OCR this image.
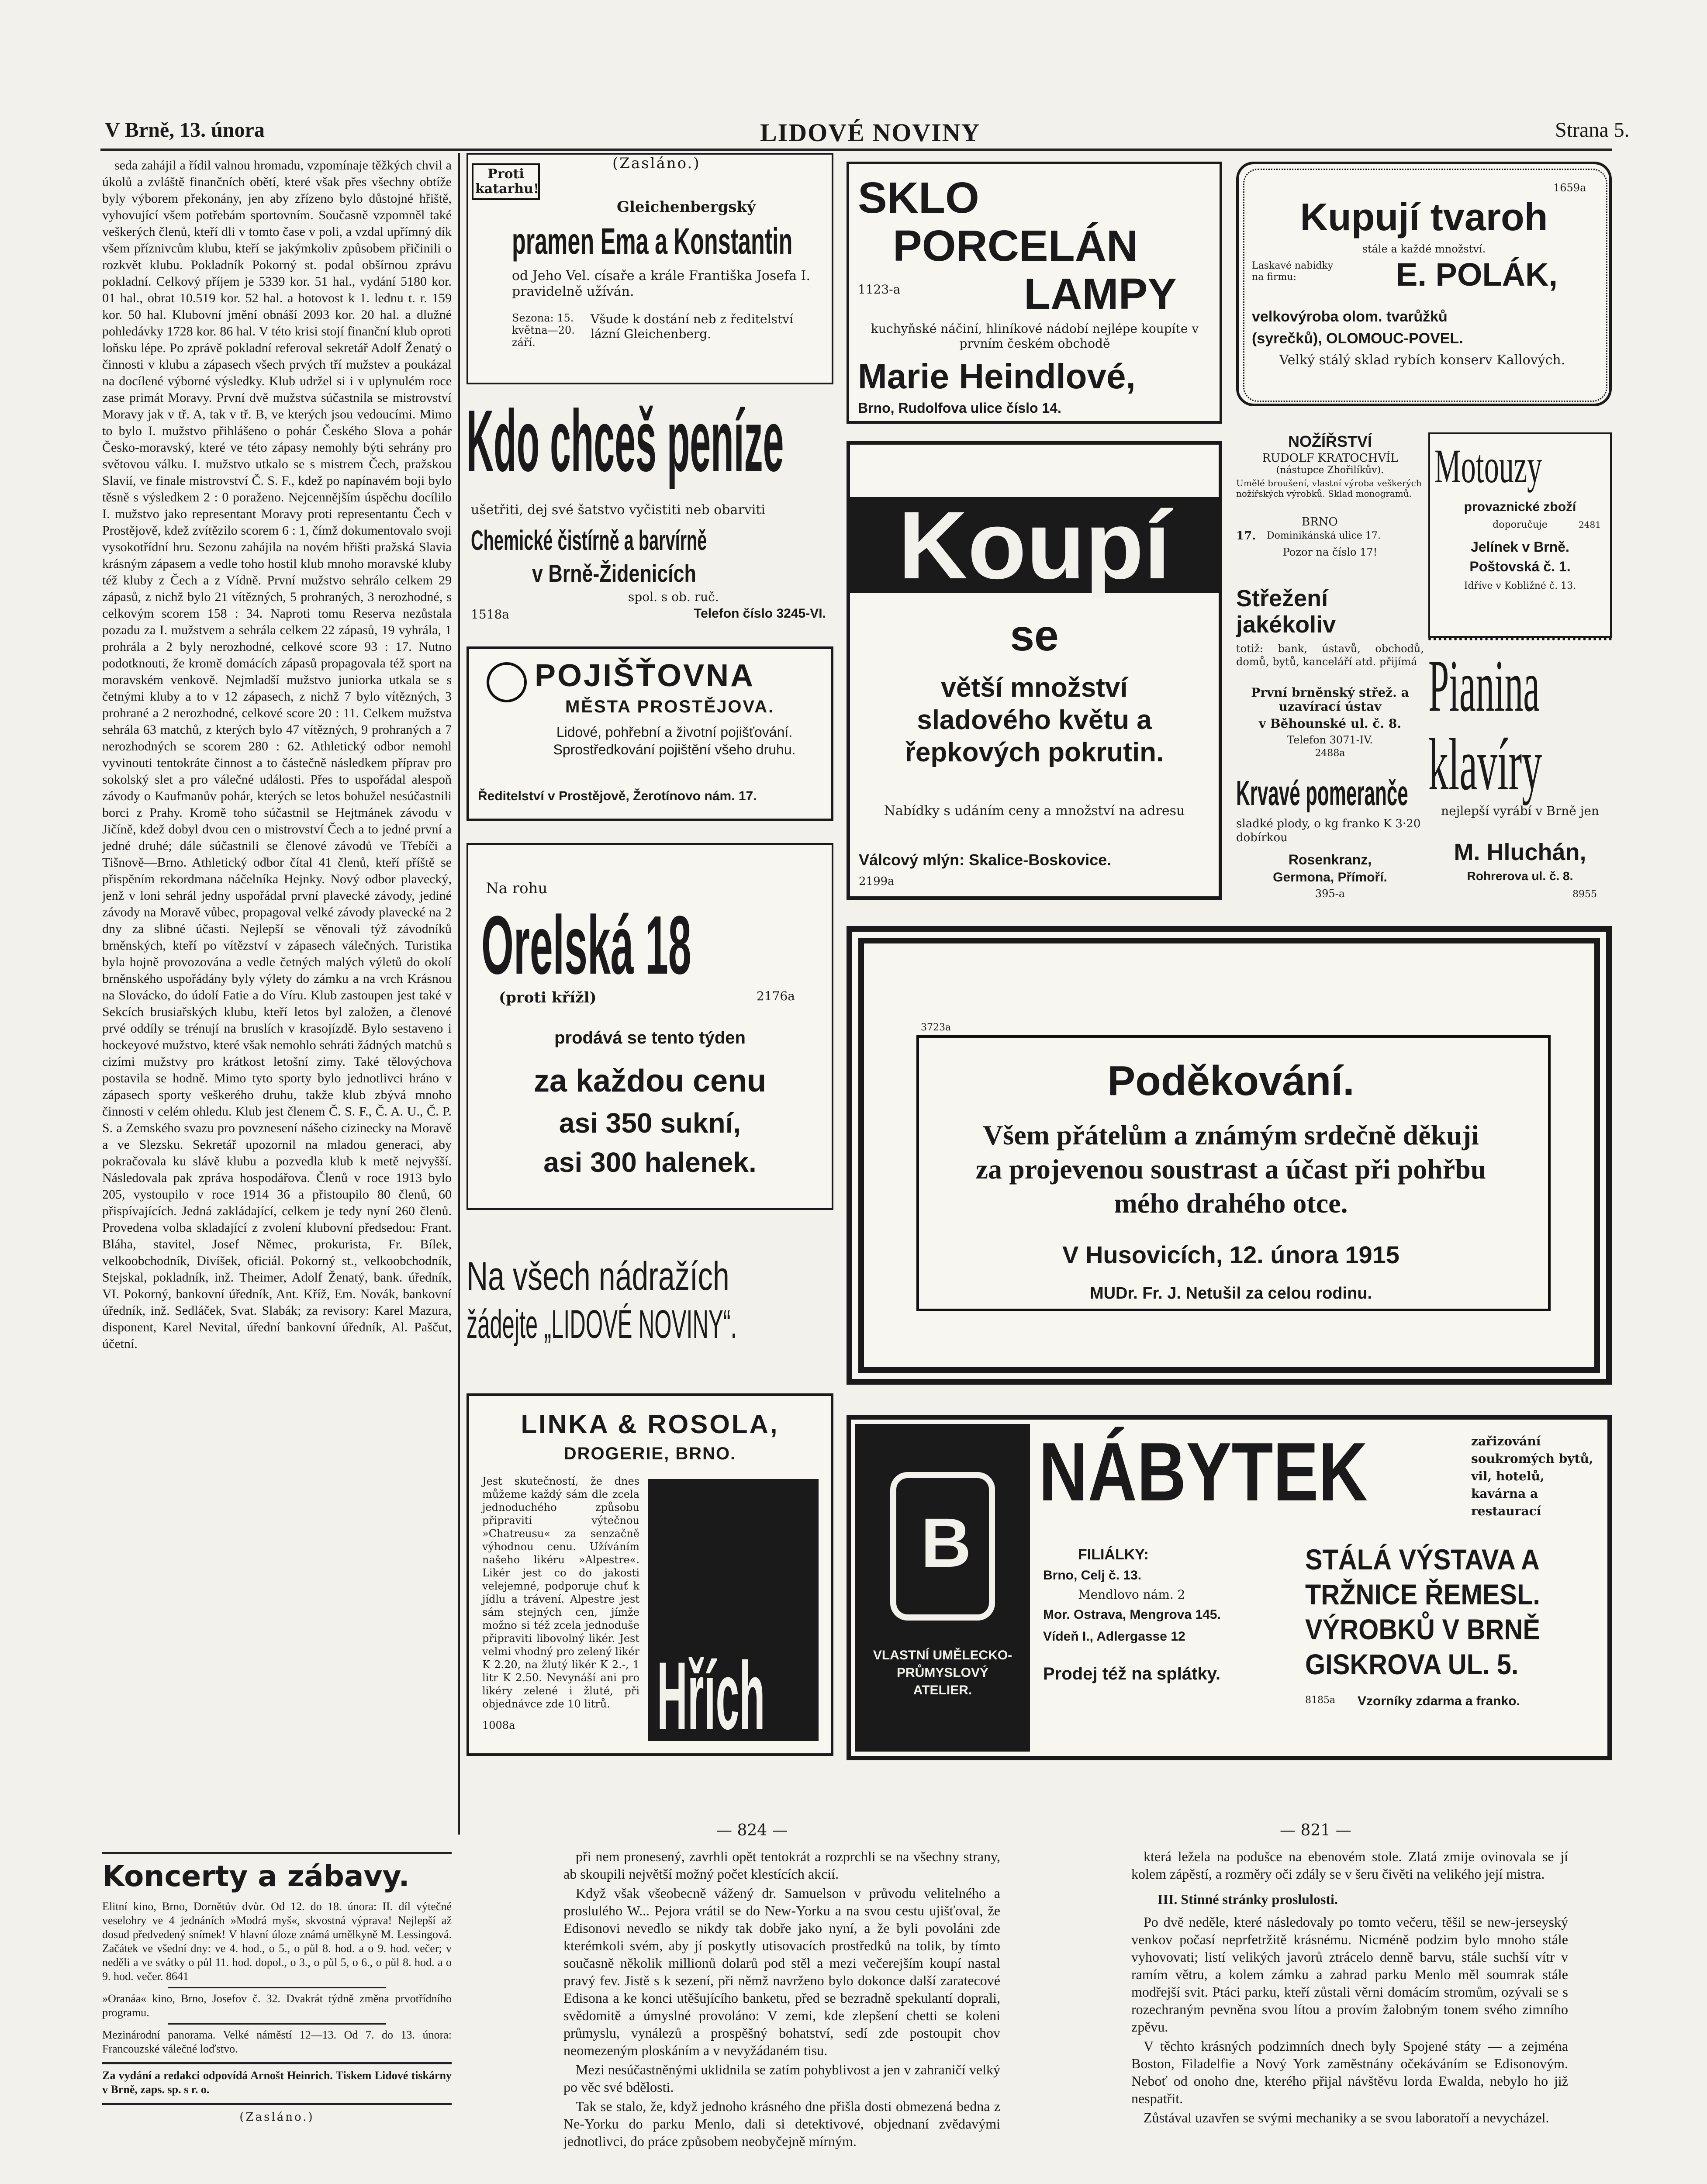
V Brně, 13. února	LIDOVÉ NOVINY	Strana 5.

seda zahájil a řídil valnou hromadu, vzpomínaje těžkých chvil a úkolů a zvláště finančních obětí, které však přes všechny obtíže byly výborem překonány, jen aby zřízeno bylo důstojné hřiště, vyhovující všem potřebám sportovním. Současně vzpomněl také veškerých členů, kteří dli v tomto čase v poli, a vzdal upřímný dík všem příznivcům klubu, kteří se jakýmkoliv způsobem přičinili o rozkvět klubu. Pokladník Pokorný st. podal obšírnou zprávu pokladní. Celkový příjem je 5339 kor. 51 hal., vydání 5180 kor. 01 hal., obrat 10.519 kor. 52 hal. a hotovost k 1. lednu t. r. 159 kor. 50 hal. Klubovní jmění obnáší 2093 kor. 20 hal. a dlužné pohledávky 1728 kor. 86 hal. V této krisi stojí finanční klub oproti loňsku lépe. Po zprávě pokladní referoval sekretář Adolf Ženatý o činnosti v klubu a zápasech všech prvých tří mužstev a poukázal na docílené výborné výsledky. Klub udržel si i v uplynulém roce zase primát Moravy. První dvě mužstva súčastnila se mistrovství Moravy jak v tř. A, tak v tř. B, ve kterých jsou vedoucími. Mimo to bylo I. mužstvo přihlášeno o pohár Českého Slova a pohár Česko-moravský, které ve této zápasy nemohly býti sehrány pro světovou válku. I. mužstvo utkalo se s mistrem Čech, pražskou Slavií, ve finale mistrovství Č. S. F., kdež po napínavém boji bylo těsně s výsledkem 2 : 0 poraženo. Nejcennějším úspěchu docílilo I. mužstvo jako representant Moravy proti representantu Čech v Prostějově, kdež zvítězilo scorem 6 : 1, čímž dokumentovalo svoji vysokotřídní hru. Sezonu zahájila na novém hřišti pražská Slavia krásným zápasem a vedle toho hostil klub mnoho moravské kluby též kluby z Čech a z Vídně. První mužstvo sehrálo celkem 29 zápasů, z nichž bylo 21 vítězných, 5 prohraných, 3 nerozhodné, s celkovým scorem 158 : 34. Naproti tomu Reserva nezůstala pozadu za I. mužstvem a sehrála celkem 22 zápasů, 19 vyhrála, 1 prohrála a 2 byly nerozhodné, celkové score 93 : 17. Nutno podotknouti, že kromě domácích zápasů propagovala též sport na moravském venkově. Nejmladší mužstvo juniorka utkala se s četnými kluby a to v 12 zápasech, z nichž 7 bylo vítězných, 3 prohrané a 2 nerozhodné, celkové score 20 : 11. Celkem mužstva sehrála 63 matchů, z kterých bylo 47 vítězných, 9 prohraných a 7 nerozhodných se scorem 280 : 62. Athletický odbor nemohl vyvinouti tentokráte činnost a to částečně následkem příprav pro sokolský slet a pro válečné události. Přes to uspořádal alespoň závody o Kaufmanův pohár, kterých se letos bohužel nesúčastnili borci z Prahy. Kromě toho súčastnil se Hejtmánek závodu v Jičíně, kdež dobyl dvou cen o mistrovství Čech a to jedné první a jedné druhé; dále súčastnili se členové závodů ve Třebíči a Tišnově—Brno. Athletický odbor čítal 41 členů, kteří příště se přispěním rekordmana náčelníka Hejnky. Nový odbor plavecký, jenž v loni sehrál jedny uspořádal první plavecké závody, jediné závody na Moravě vůbec, propagoval velké závody plavecké na 2 dny za slibné účasti. Nejlepší se věnovali týž závodníků brněnských, kteří po vítězství v zápasech válečných. Turistika byla hojně provozována a vedle četných malých výletů do okolí brněnského uspořádány byly výlety do zámku a na vrch Krásnou na Slovácko, do údolí Fatie a do Víru. Klub zastoupen jest také v Sekcích brusiařských klubu, kteří letos byl založen, a členové prvé oddíly se trénují na bruslích v krasojízdě. Bylo sestaveno i hockeyové mužstvo, které však nemohlo sehráti žádných matchů s cizími mužstvy pro krátkost letošní zimy. Také tělovýchova postavila se hodně. Mimo tyto sporty bylo jednotlivci hráno v zápasech sporty veškerého druhu, takže klub zbývá mnoho činnosti v celém ohledu. Klub jest členem Č. S. F., Č. A. U., Č. P. S. a Zemského svazu pro povznesení nášeho cizinecky na Moravě a ve Slezsku. Sekretář upozornil na mladou generaci, aby pokračovala ku slávě klubu a pozvedla klub k metě nejvyšší. Následovala pak zpráva hospodářova. Členů v roce 1913 bylo 205, vystoupilo v roce 1914 36 a přistoupilo 80 členů, 60 přispívajících. Jedná zakládající, celkem je tedy nyní 260 členů. Provedena volba skladající z zvolení klubovní předsedou: Frant. Bláha, stavitel, Josef Němec, prokurista, Fr. Bílek, velkoobchodník, Divíšek, oficiál. Pokorný st., velkoobchodník, Stejskal, pokladník, inž. Theimer, Adolf Ženatý, bank. úředník, VI. Pokorný, bankovní úředník, Ant. Kříž, Em. Novák, bankovní úředník, inž. Sedláček, Svat. Slabák; za revisory: Karel Mazura, disponent, Karel Nevital, úřední bankovní úředník, Al. Paščut, účetní.

Koncerty a zábavy.
Elitní kino, Brno, Dornětův dvůr. Od 12. do 18. února: II. díl výtečné veselohry ve 4 jednáních »Modrá myš«, skvostná výprava! Nejlepší až dosud předvedený snímek! V hlavní úloze známá umělkyně M. Lessingová. Začátek ve všední dny: ve 4. hod., o 5., o půl 8. hod. a o 9. hod. večer; v neděli a ve svátky o půl 11. hod. dopol., o 3., o půl 5, o 6., o půl 8. hod. a o 9. hod. večer. 8641
»Oranáa« kino, Brno, Josefov č. 32. Dvakrát týdně změna prvotřídního programu.
Mezinárodní panorama. Velké náměstí 12—13. Od 7. do 13. února: Francouzské válečné loďstvo.
Za vydání a redakci odpovídá Arnošt Heinrich. Tiskem Lidové tiskárny v Brně, zaps. sp. s r. o.
(Zasláno.)
Proti katarhu!
(Zasláno.)
Gleichenbergský
pramen Ema a Konstantin
od Jeho Vel. císaře a krále Františka Josefa I. pravidelně užíván.
Sezona: 15. května—20. září.
Všude k dostání neb z ředitelství lázní Gleichenberg.
Kdo chceš peníze
ušetřiti, dej své šatstvo vyčistiti neb obarviti
Chemické čistírně a barvírně
v Brně-Židenicích
spol. s ob. ruč.
1518a	Telefon číslo 3245-VI.
POJIŠŤOVNA
MĚSTA PROSTĚJOVA.
Lidové, pohřební a životní pojišťování. Sprostředkování pojištění všeho druhu.
Ředitelství v Prostějově, Žerotínovo nám. 17.
Na rohu
Orelská 18
(proti křížl)	2176a
prodává se tento týden
za každou cenu
asi 350 sukní,
asi 300 halenek.
Na všech nádražích
žádejte „LIDOVÉ NOVINY“.
LINKA & ROSOLA,
DROGERIE, BRNO.
Jest skutečností, že dnes můžeme každý sám dle zcela jednoduchého způsobu připraviti výtečnou »Chatreusu« za senzačně výhodnou cenu. Užíváním našeho likéru »Alpestre«. Likér jest co do jakosti velejemné, podporuje chuť k jídlu a trávení. Alpestre jest sám stejných cen, jímže možno si též zcela jednoduše připraviti libovolný likér. Jest velmi vhodný pro zelený likér K 2.20, na žlutý likér K 2.-, 1 litr K 2.50. Nevynáší ani pro likéry zelené i žluté, při objednávce zde 10 litrů.
1008a Hřích
SKLO
PORCELÁN
1123-a	LAMPY
kuchyňské náčiní, hliníkové nádobí nejlépe koupíte v prvním českém obchodě
Marie Heindlové,
Brno, Rudolfova ulice číslo 14.
Koupí
se
větší množství sladového květu a řepkových pokrutin.
Nabídky s udáním ceny a množství na adresu
Válcový mlýn: Skalice-Boskovice.
2199a
1659a
Kupují tvaroh
stále a každé množství.
Laskavé nabídky na firmu:	E. POLÁK,
velkovýroba olom. tvarůžků
(syrečků), OLOMOUC-POVEL.
Velký stálý sklad rybích konserv Kallových.
NOŽÍŘSTVÍ
RUDOLF KRATOCHVÍL
(nástupce Zhořilíkův).
Umělé broušení, vlastní výroba veškerých nožířských výrobků. Sklad monogramů.
BRNO
17. Dominikánská ulice 17.
Pozor na číslo 17!
Střežení jakékoliv
totiž: bank, ústavů, obchodů, domů, bytů, kanceláří atd. přijímá
První brněnský střež. a uzavírací ústav
v Běhounské ul. č. 8.
Telefon 3071-IV.
2488a
Krvavé pomeranče
sladké plody, o kg franko K 3·20 dobírkou
Rosenkranz,
Germona, Přímoří.
395-a
Motouzy
provaznické zboží
doporučuje	2481
Jelínek v Brně.
Poštovská č. 1.
Idříve v Kobližné č. 13.
Pianina
klavíry
nejlepší vyrábí v Brně jen
M. Hluchán,
Rohrerova ul. č. 8.
8955
3723a
Poděkování.
Všem přátelům a známým srdečně děkuji za projevenou soustrast a účast při pohřbu mého drahého otce.
V Husovicích, 12. února 1915
MUDr. Fr. J. Netušil za celou rodinu.
B
VLASTNÍ UMĚLECKO-PRŮMYSLOVÝ ATELIER.
NÁBYTEK	zařizování soukromých bytů, vil, hotelů, kavárna a restaurací
FILIÁLKY:
Brno, Celj č. 13.
Mendlovo nám. 2
Mor. Ostrava, Mengrova 145.
Vídeň I., Adlergasse 12
Prodej též na splátky.
STÁLÁ VÝSTAVA A
TRŽNICE ŘEMESL.
VÝROBKŮ V BRNĚ
GISKROVA UL. 5.
8185a Vzorníky zdarma a franko.
— 824 —	— 821 —

při nem pronesený, zavrhli opět tentokrát a rozprchli se na všechny strany, ab skoupili největší možný počet klestících akcií.

Když však všeobecně vážený dr. Samuelson v průvodu velitelného a proslulého W... Pejora vrátil se do New-Yorku a na svou cestu ujišťoval, že Edisonovi nevedlo se nikdy tak dobře jako nyní, a že byli povoláni zde kterémkoli svém, aby jí poskytly utisovacích prostředků na tolik, by tímto současně několik millionů dolarů pod stěl a mezi večerejším koupí nastal pravý fev. Jistě s k sezení, při němž navrženo bylo dokonce další zaratecové Edisona a ke konci utěšujícího banketu, před se bezradně spekulantí doprali, svědomitě a úmyslné provoláno: V zemi, kde zlepšení chetti se koleni průmyslu, vynálezů a prospěšný bohatství, sedí zde postoupit chov neomezeným ploskáním a v nevyžádaném tisu.

Mezi nesúčastněnými uklidnila se zatím pohyblivost a jen v zahraničí velký po věc své bdělosti.

Tak se stalo, že, když jednoho krásného dne přišla dosti obmezená bedna z Ne-Yorku do parku Menlo, dali si detektivové, objednaní zvědavými jednotlivci, do práce způsobem neobyčejně mírným.

která ležela na podušce na ebenovém stole. Zlatá zmije ovinovala se jí kolem zápěstí, a rozměry oči zdály se v šeru čivěti na velikého její mistra.

III. Stinné stránky proslulosti.

Po dvě neděle, které následovaly po tomto večeru, těšil se new-jerseyský venkov počasí neprfetržitě krásnému. Nicméně podzim bylo mnoho stále vyhovovati; listí velikých javorů ztrácelo denně barvu, stále suchší vítr v ramím větru, a kolem zámku a zahrad parku Menlo měl soumrak stále modřejší svit. Ptáci parku, kteří zůstali věrni domácím stromům, ozývali se s rozechraným pevněna svou lítou a provím žalobným tonem svého zimního zpěvu.

V těchto krásných podzimních dnech byly Spojené státy — a zejména Boston, Filadelfie a Nový York zaměstnány očekáváním se Edisonovým. Neboť od onoho dne, kterého přijal návštěvu lorda Ewalda, nebylo ho již nespatřit.

Zůstával uzavřen se svými mechaniky a se svou laboratoří a nevycházel.
